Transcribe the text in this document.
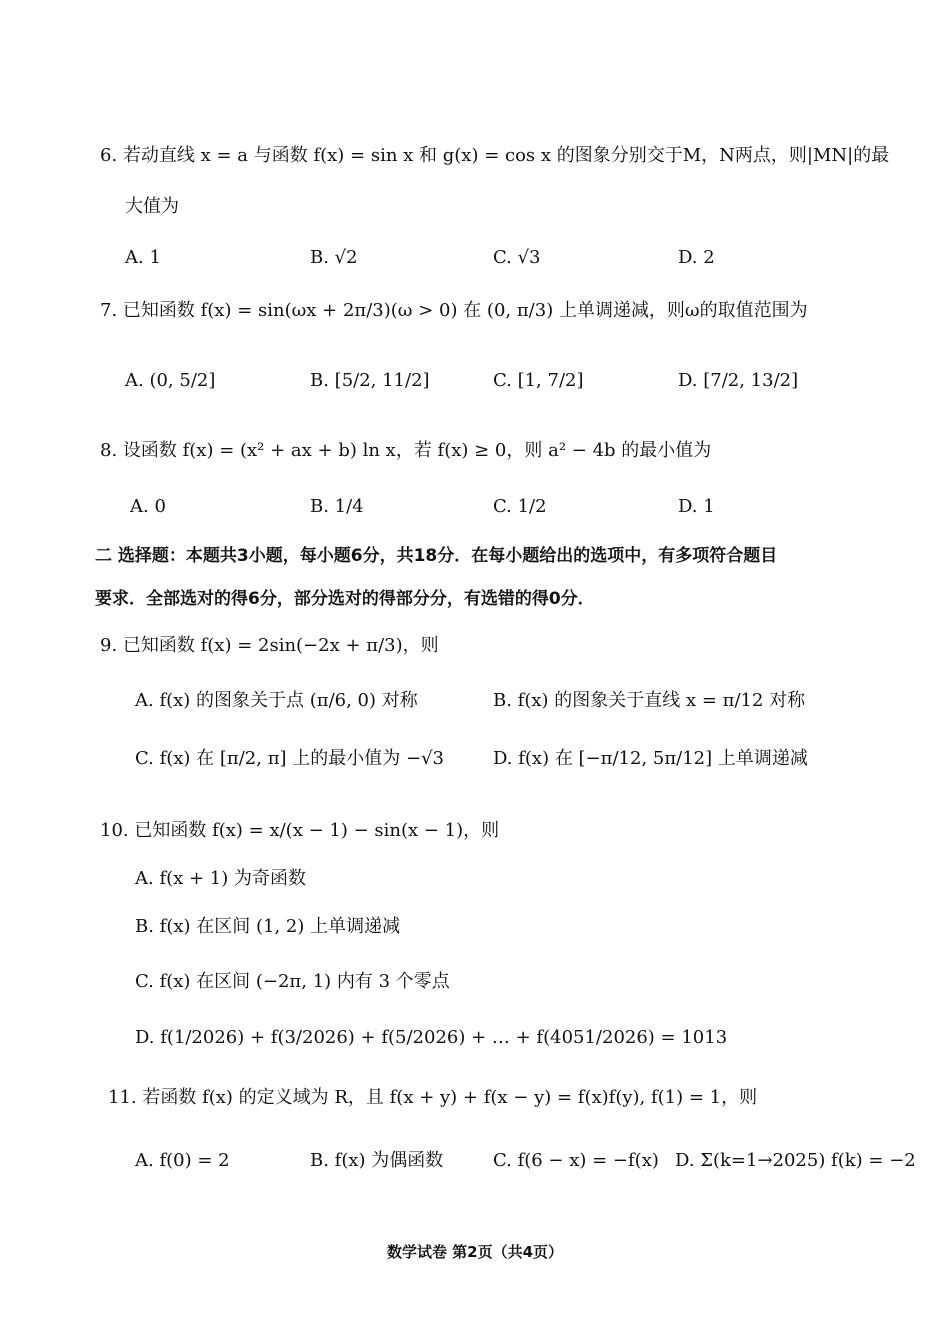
6. 若动直线 x = a 与函数 f(x) = sin x 和 g(x) = cos x 的图象分别交于M，N两点，则|MN|的最
大值为
A. 1	B. √2	C. √3	D. 2
7. 已知函数 f(x) = sin(ωx + 2π/3)(ω > 0) 在 (0, π/3) 上单调递减，则ω的取值范围为
A. (0, 5/2]	B. [5/2, 11/2]	C. [1, 7/2]	D. [7/2, 13/2]
8. 设函数 f(x) = (x² + ax + b) ln x，若 f(x) ≥ 0，则 a² − 4b 的最小值为
A. 0	B. 1/4	C. 1/2	D. 1
二 选择题：本题共3小题，每小题6分，共18分．在每小题给出的选项中，有多项符合题目
要求．全部选对的得6分，部分选对的得部分分，有选错的得0分．
9. 已知函数 f(x) = 2sin(−2x + π/3)，则
A. f(x) 的图象关于点 (π/6, 0) 对称	B. f(x) 的图象关于直线 x = π/12 对称
C. f(x) 在 [π/2, π] 上的最小值为 −√3	D. f(x) 在 [−π/12, 5π/12] 上单调递减
10. 已知函数 f(x) = x/(x − 1) − sin(x − 1)，则
A. f(x + 1) 为奇函数
B. f(x) 在区间 (1, 2) 上单调递减
C. f(x) 在区间 (−2π, 1) 内有 3 个零点
D. f(1/2026) + f(3/2026) + f(5/2026) + … + f(4051/2026) = 1013
11. 若函数 f(x) 的定义域为 R，且 f(x + y) + f(x − y) = f(x)f(y), f(1) = 1，则
A. f(0) = 2	B. f(x) 为偶函数	C. f(6 − x) = −f(x) D. Σ(k=1→2025) f(k) = −2
数学试卷 第2页（共4页）
